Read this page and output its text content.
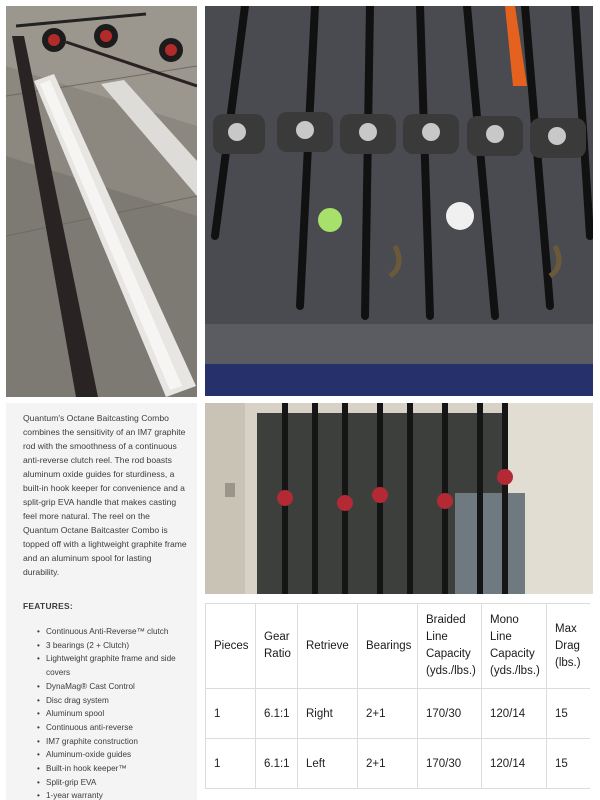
Quantum's Octane Baitcasting Combo combines the sensitivity of an IM7 graphite rod with the smoothness of a continuous anti-reverse clutch reel. The rod boasts aluminum oxide guides for sturdiness, a built-in hook keeper for convenience and a split-grip EVA handle that makes casting feel more natural. The reel on the Quantum Octane Baitcaster Combo is topped off with a lightweight graphite frame and an aluminum spool for lasting durability.

FEATURES:
• Continuous Anti-Reverse™ clutch
• 3 bearings (2 + Clutch)
• Lightweight graphite frame and side covers
• DynaMag® Cast Control
• Disc drag system
• Aluminum spool
• Continuous anti-reverse
• IM7 graphite construction
• Aluminum-oxide guides
• Built-in hook keeper™
• Split-grip EVA
• 1-year warranty
Pieces	Gear Ratio	Retrieve	Bearings	Braided Line Capacity (yds./lbs.)	Mono Line Capacity (yds./lbs.)	Max Drag (lbs.)
1	6.1:1	Right	2+1	170/30	120/14	15
1	6.1:1	Left	2+1	170/30	120/14	15
